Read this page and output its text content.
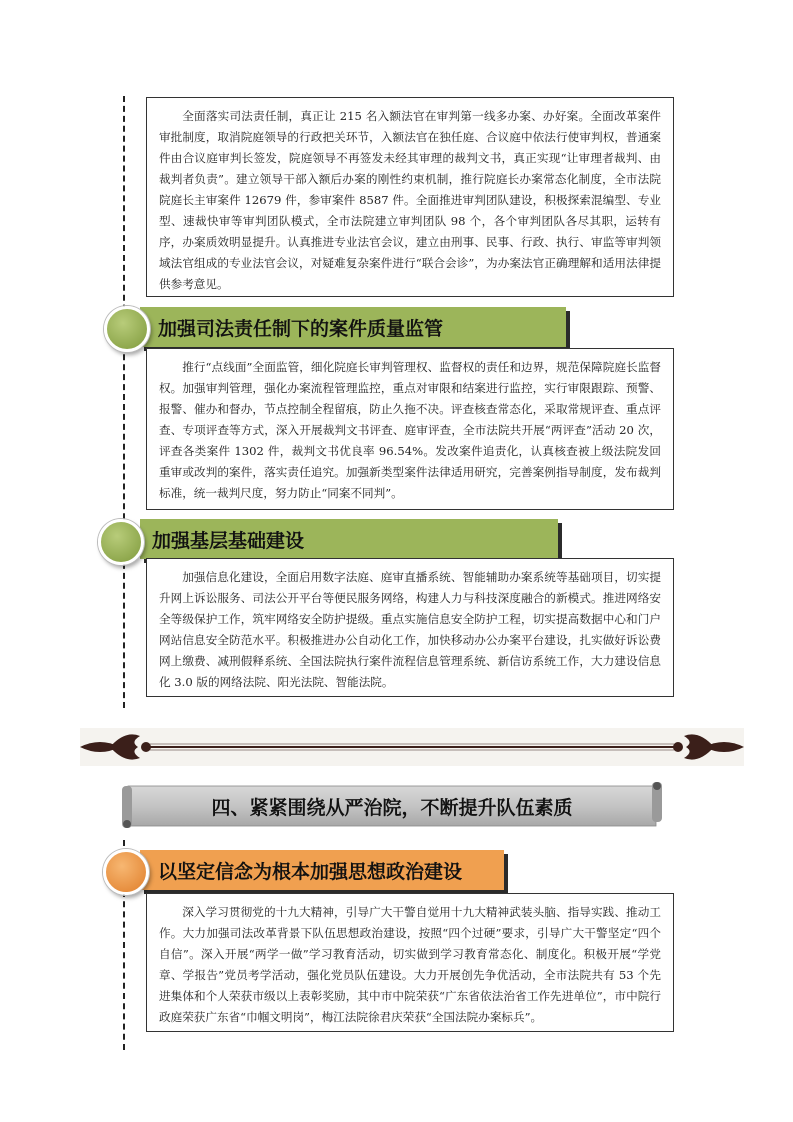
全面落实司法责任制，真正让 215 名入额法官在审判第一线多办案、办好案。全面改革案件审批制度，取消院庭领导的行政把关环节，入额法官在独任庭、合议庭中依法行使审判权，普通案件由合议庭审判长签发，院庭领导不再签发未经其审理的裁判文书，真正实现“让审理者裁判、由裁判者负责”。建立领导干部入额后办案的刚性约束机制，推行院庭长办案常态化制度，全市法院院庭长主审案件 12679 件，参审案件 8587 件。全面推进审判团队建设，积极探索混编型、专业型、速裁快审等审判团队模式，全市法院建立审判团队 98 个，各个审判团队各尽其职，运转有序，办案质效明显提升。认真推进专业法官会议，建立由刑事、民事、行政、执行、审监等审判领域法官组成的专业法官会议，对疑难复杂案件进行“联合会诊”，为办案法官正确理解和适用法律提供参考意见。

加强司法责任制下的案件质量监管

推行“点线面”全面监管，细化院庭长审判管理权、监督权的责任和边界，规范保障院庭长监督权。加强审判管理，强化办案流程管理监控，重点对审限和结案进行监控，实行审限跟踪、预警、报警、催办和督办，节点控制全程留痕，防止久拖不决。评查核查常态化，采取常规评查、重点评查、专项评查等方式，深入开展裁判文书评查、庭审评查，全市法院共开展“两评查”活动 20 次，评查各类案件 1302 件，裁判文书优良率 96.54%。发改案件追责化，认真核查被上级法院发回重审或改判的案件，落实责任追究。加强新类型案件法律适用研究，完善案例指导制度，发布裁判标准，统一裁判尺度，努力防止“同案不同判”。

加强基层基础建设

加强信息化建设，全面启用数字法庭、庭审直播系统、智能辅助办案系统等基础项目，切实提升网上诉讼服务、司法公开平台等便民服务网络，构建人力与科技深度融合的新模式。推进网络安全等级保护工作，筑牢网络安全防护提级。重点实施信息安全防护工程，切实提高数据中心和门户网站信息安全防范水平。积极推进办公自动化工作，加快移动办公办案平台建设，扎实做好诉讼费网上缴费、减刑假释系统、全国法院执行案件流程信息管理系统、新信访系统工作，大力建设信息化 3.0 版的网络法院、阳光法院、智能法院。

四、紧紧围绕从严治院，不断提升队伍素质
以坚定信念为根本加强思想政治建设

深入学习贯彻党的十九大精神，引导广大干警自觉用十九大精神武装头脑、指导实践、推动工作。大力加强司法改革背景下队伍思想政治建设，按照“四个过硬”要求，引导广大干警坚定“四个自信”。深入开展“两学一做”学习教育活动，切实做到学习教育常态化、制度化。积极开展“学党章、学报告”党员考学活动，强化党员队伍建设。大力开展创先争优活动，全市法院共有 53 个先进集体和个人荣获市级以上表彰奖励，其中市中院荣获“广东省依法治省工作先进单位”，市中院行政庭荣获广东省“巾帼文明岗”，梅江法院徐君庆荣获“全国法院办案标兵”。
